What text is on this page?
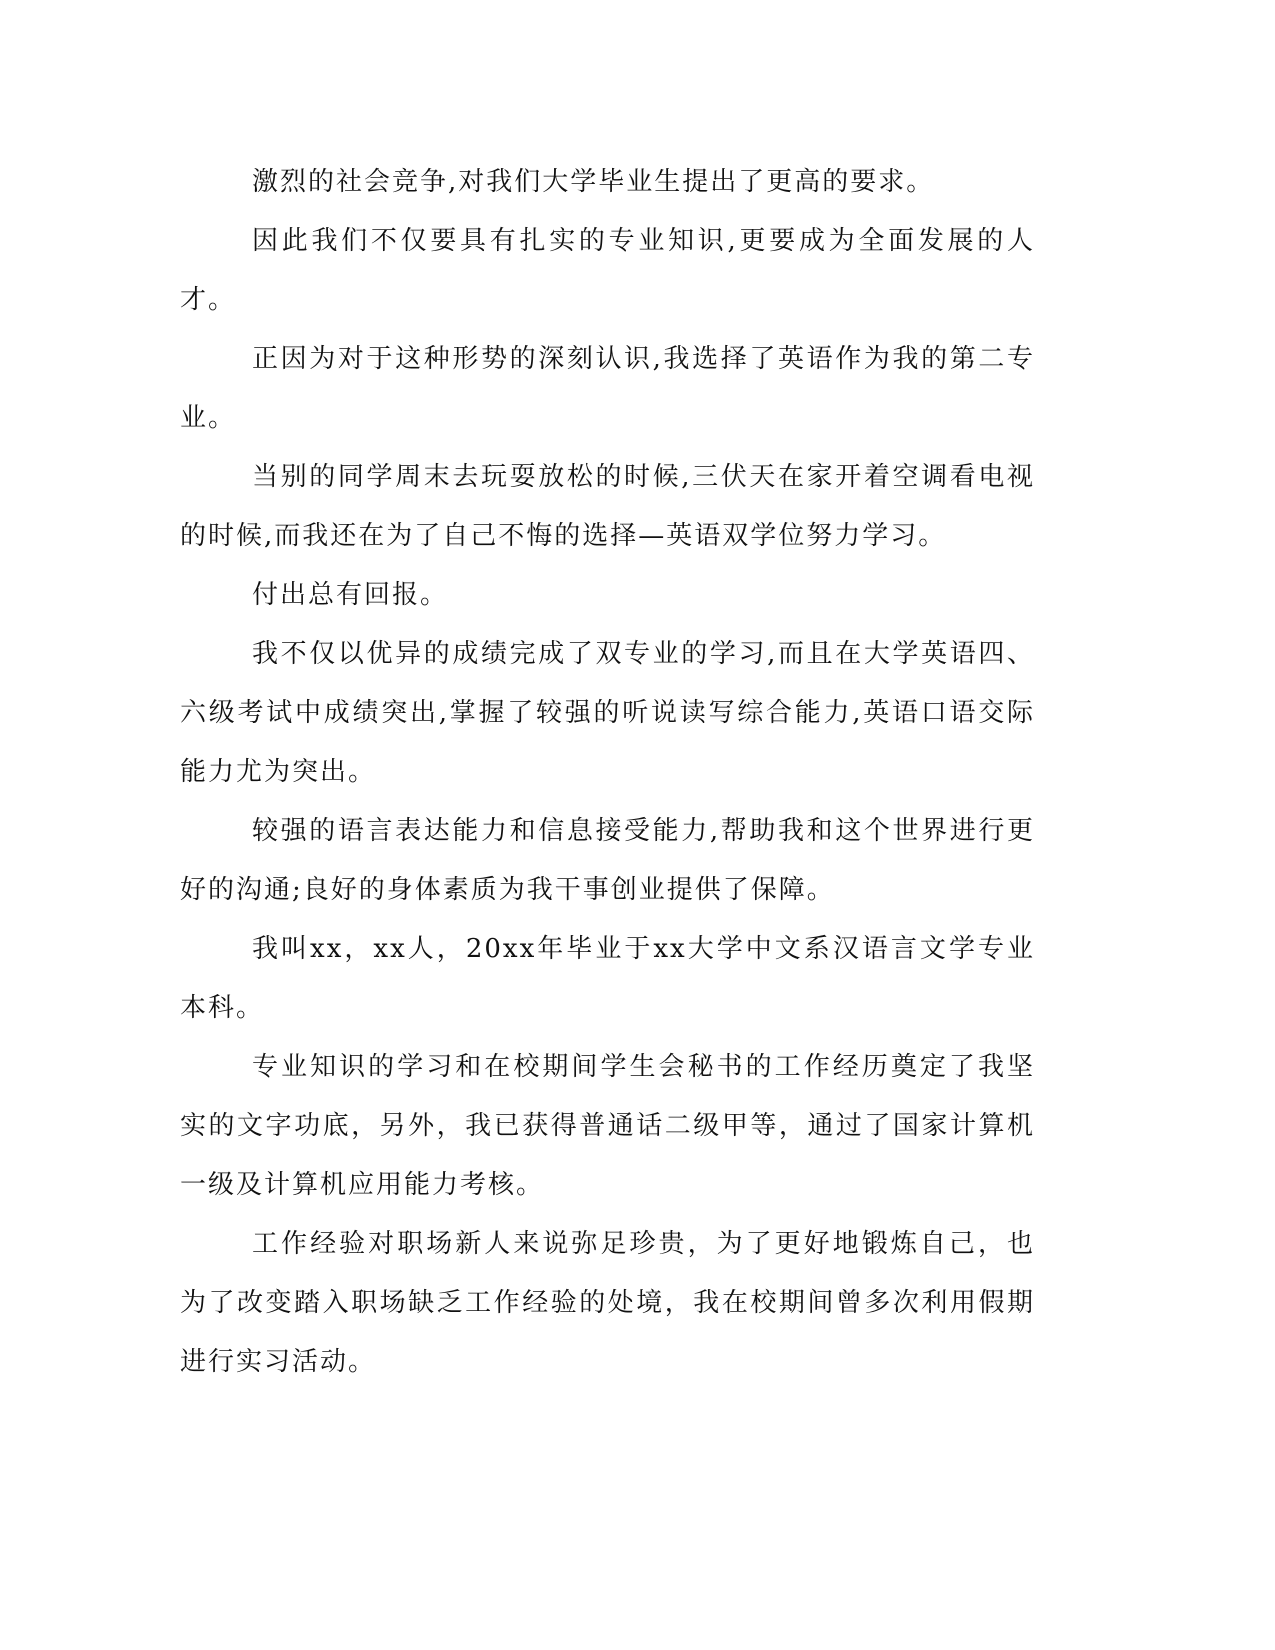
激烈的社会竞争,对我们大学毕业生提出了更高的要求。

因此我们不仅要具有扎实的专业知识,更要成为全面发展的人才。

正因为对于这种形势的深刻认识,我选择了英语作为我的第二专业。

当别的同学周末去玩耍放松的时候,三伏天在家开着空调看电视的时候,而我还在为了自己不悔的选择—英语双学位努力学习。

付出总有回报。

我不仅以优异的成绩完成了双专业的学习,而且在大学英语四、六级考试中成绩突出,掌握了较强的听说读写综合能力,英语口语交际能力尤为突出。

较强的语言表达能力和信息接受能力,帮助我和这个世界进行更好的沟通;良好的身体素质为我干事创业提供了保障。

我叫xx，xx人，20xx年毕业于xx大学中文系汉语言文学专业本科。

专业知识的学习和在校期间学生会秘书的工作经历奠定了我坚实的文字功底，另外，我已获得普通话二级甲等，通过了国家计算机一级及计算机应用能力考核。

工作经验对职场新人来说弥足珍贵，为了更好地锻炼自己，也为了改变踏入职场缺乏工作经验的处境，我在校期间曾多次利用假期进行实习活动。
